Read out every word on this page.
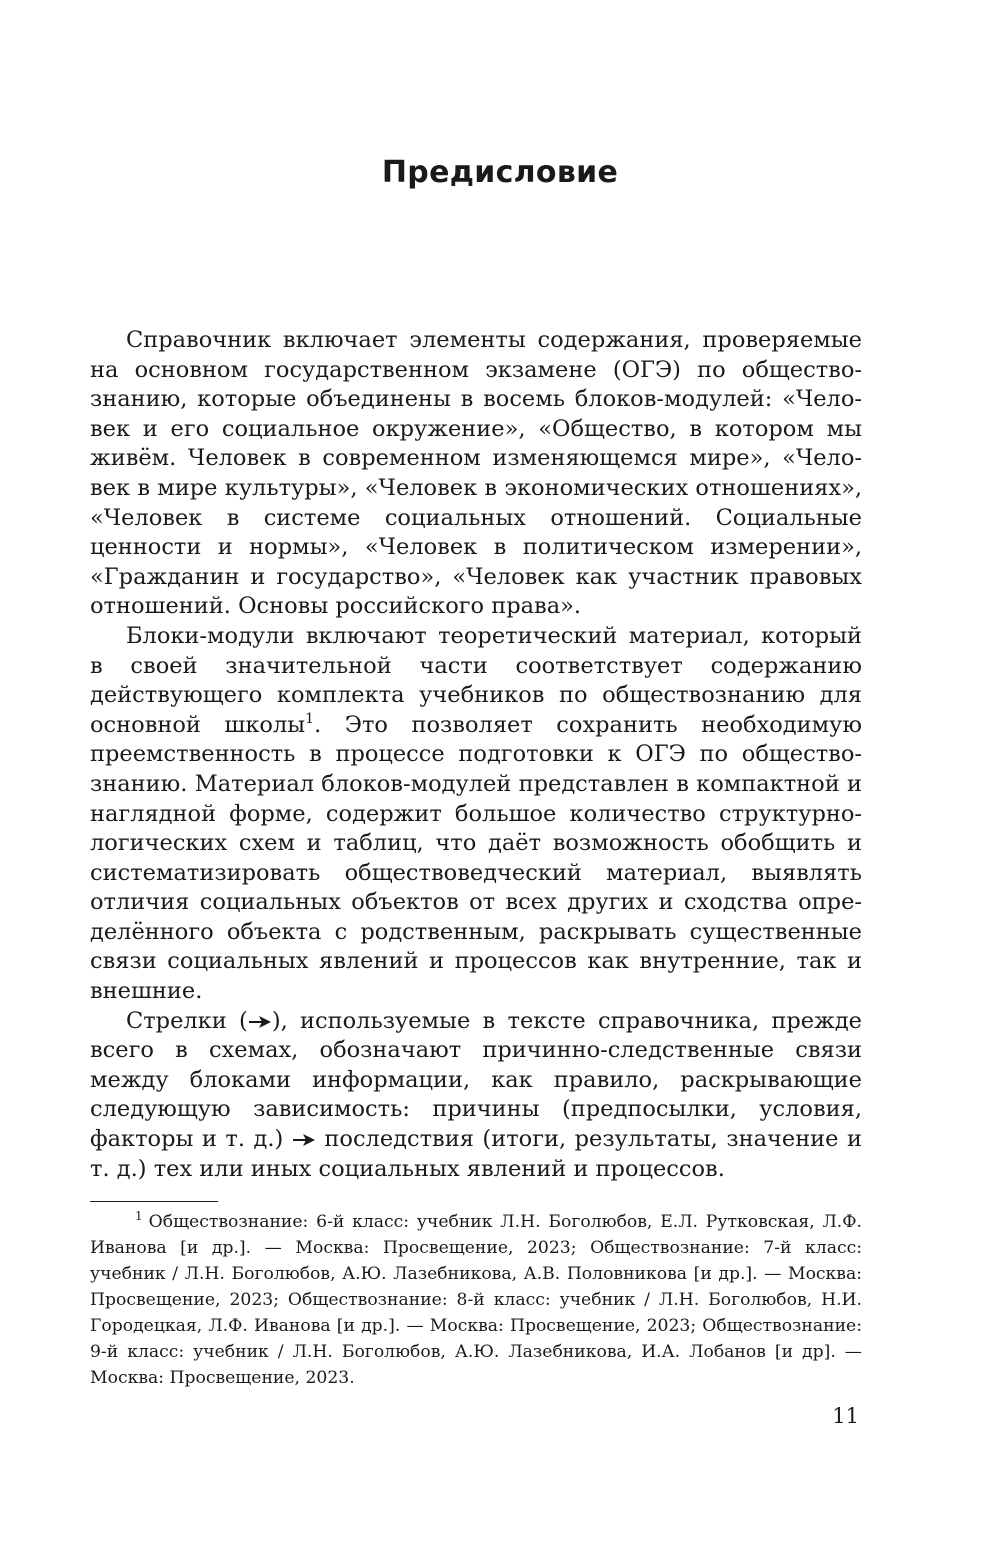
Предисловие

Справочник включает элементы содержания, проверяемые на основном государственном экзамене (ОГЭ) по обществознанию, которые объединены в восемь блоков-модулей: «Человек и его социальное окружение», «Общество, в котором мы живём. Человек в современном изменяющемся мире», «Человек в мире культуры», «Человек в экономических отношениях», «Человек в системе социальных отношений. Социальные ценности и нормы», «Человек в политическом измерении», «Гражданин и государство», «Человек как участник правовых отношений. Основы российского права».

Блоки-модули включают теоретический материал, который в своей значительной части соответствует содержанию действующего комплекта учебников по обществознанию для основной школы$^1$. Это позволяет сохранить необходимую преемственность в процессе подготовки к ОГЭ по обществознанию. Материал блоков-модулей представлен в компактной и наглядной форме, содержит большое количество структурно-логических схем и таблиц, что даёт возможность обобщить и систематизировать обществоведческий материал, выявлять отличия социальных объектов от всех других и сходства определённого объекта с родственным, раскрывать существенные связи социальных явлений и процессов как внутренние, так и внешние.

Стрелки ( ), используемые в тексте справочника, прежде всего в схемах, обозначают причинно-следственные связи между блоками информации, как правило, раскрывающие следующую зависимость: причины (предпосылки, условия, факторы и т. д.)  последствия (итоги, результаты, значение и т. д.) тех или иных социальных явлений и процессов.

$^1$ Обществознание: 6-й класс: учебник Л.Н. Боголюбов, Е.Л. Рутковская, Л.Ф. Иванова [и др.]. — Москва: Просвещение, 2023; Обществознание: 7-й класс: учебник / Л.Н. Боголюбов, А.Ю. Лазебникова, А.В. Половникова [и др.]. — Москва: Просвещение, 2023; Обществознание: 8-й класс: учебник / Л.Н. Боголюбов, Н.И. Городецкая, Л.Ф. Иванова [и др.]. — Москва: Просвещение, 2023; Обществознание: 9-й класс: учебник / Л.Н. Боголюбов, А.Ю. Лазебникова, И.А. Лобанов [и др]. — Москва: Просвещение, 2023.

11
